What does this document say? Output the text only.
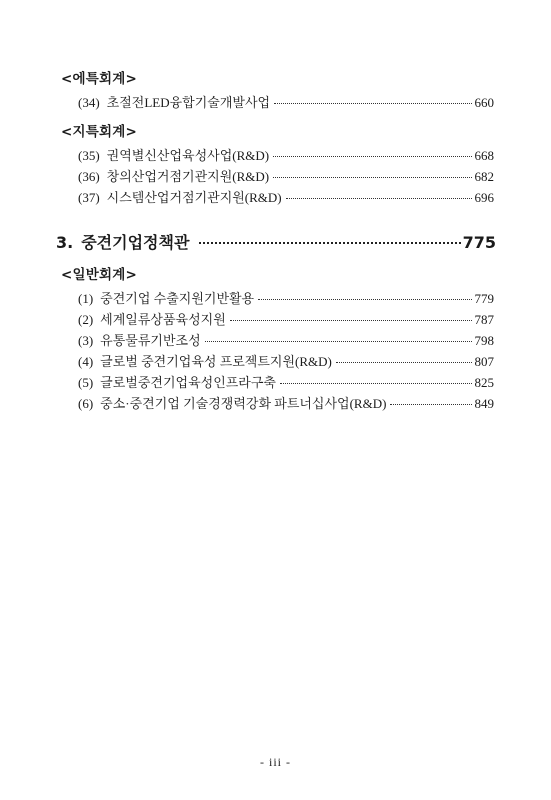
<에특회계>
(34) 초절전LED융합기술개발사업	660
<지특회계>
(35) 권역별신산업육성사업(R&D)	668
(36) 창의산업거점기관지원(R&D)	682
(37) 시스템산업거점기관지원(R&D)	696
3. 중견기업정책관	775
<일반회계>
(1) 중견기업 수출지원기반활용	779
(2) 세계일류상품육성지원	787
(3) 유통물류기반조성	798
(4) 글로벌 중견기업육성 프로젝트지원(R&D)	807
(5) 글로벌중견기업육성인프라구축	825
(6) 중소·중견기업 기술경쟁력강화 파트너십사업(R&D)	849
- iii -
